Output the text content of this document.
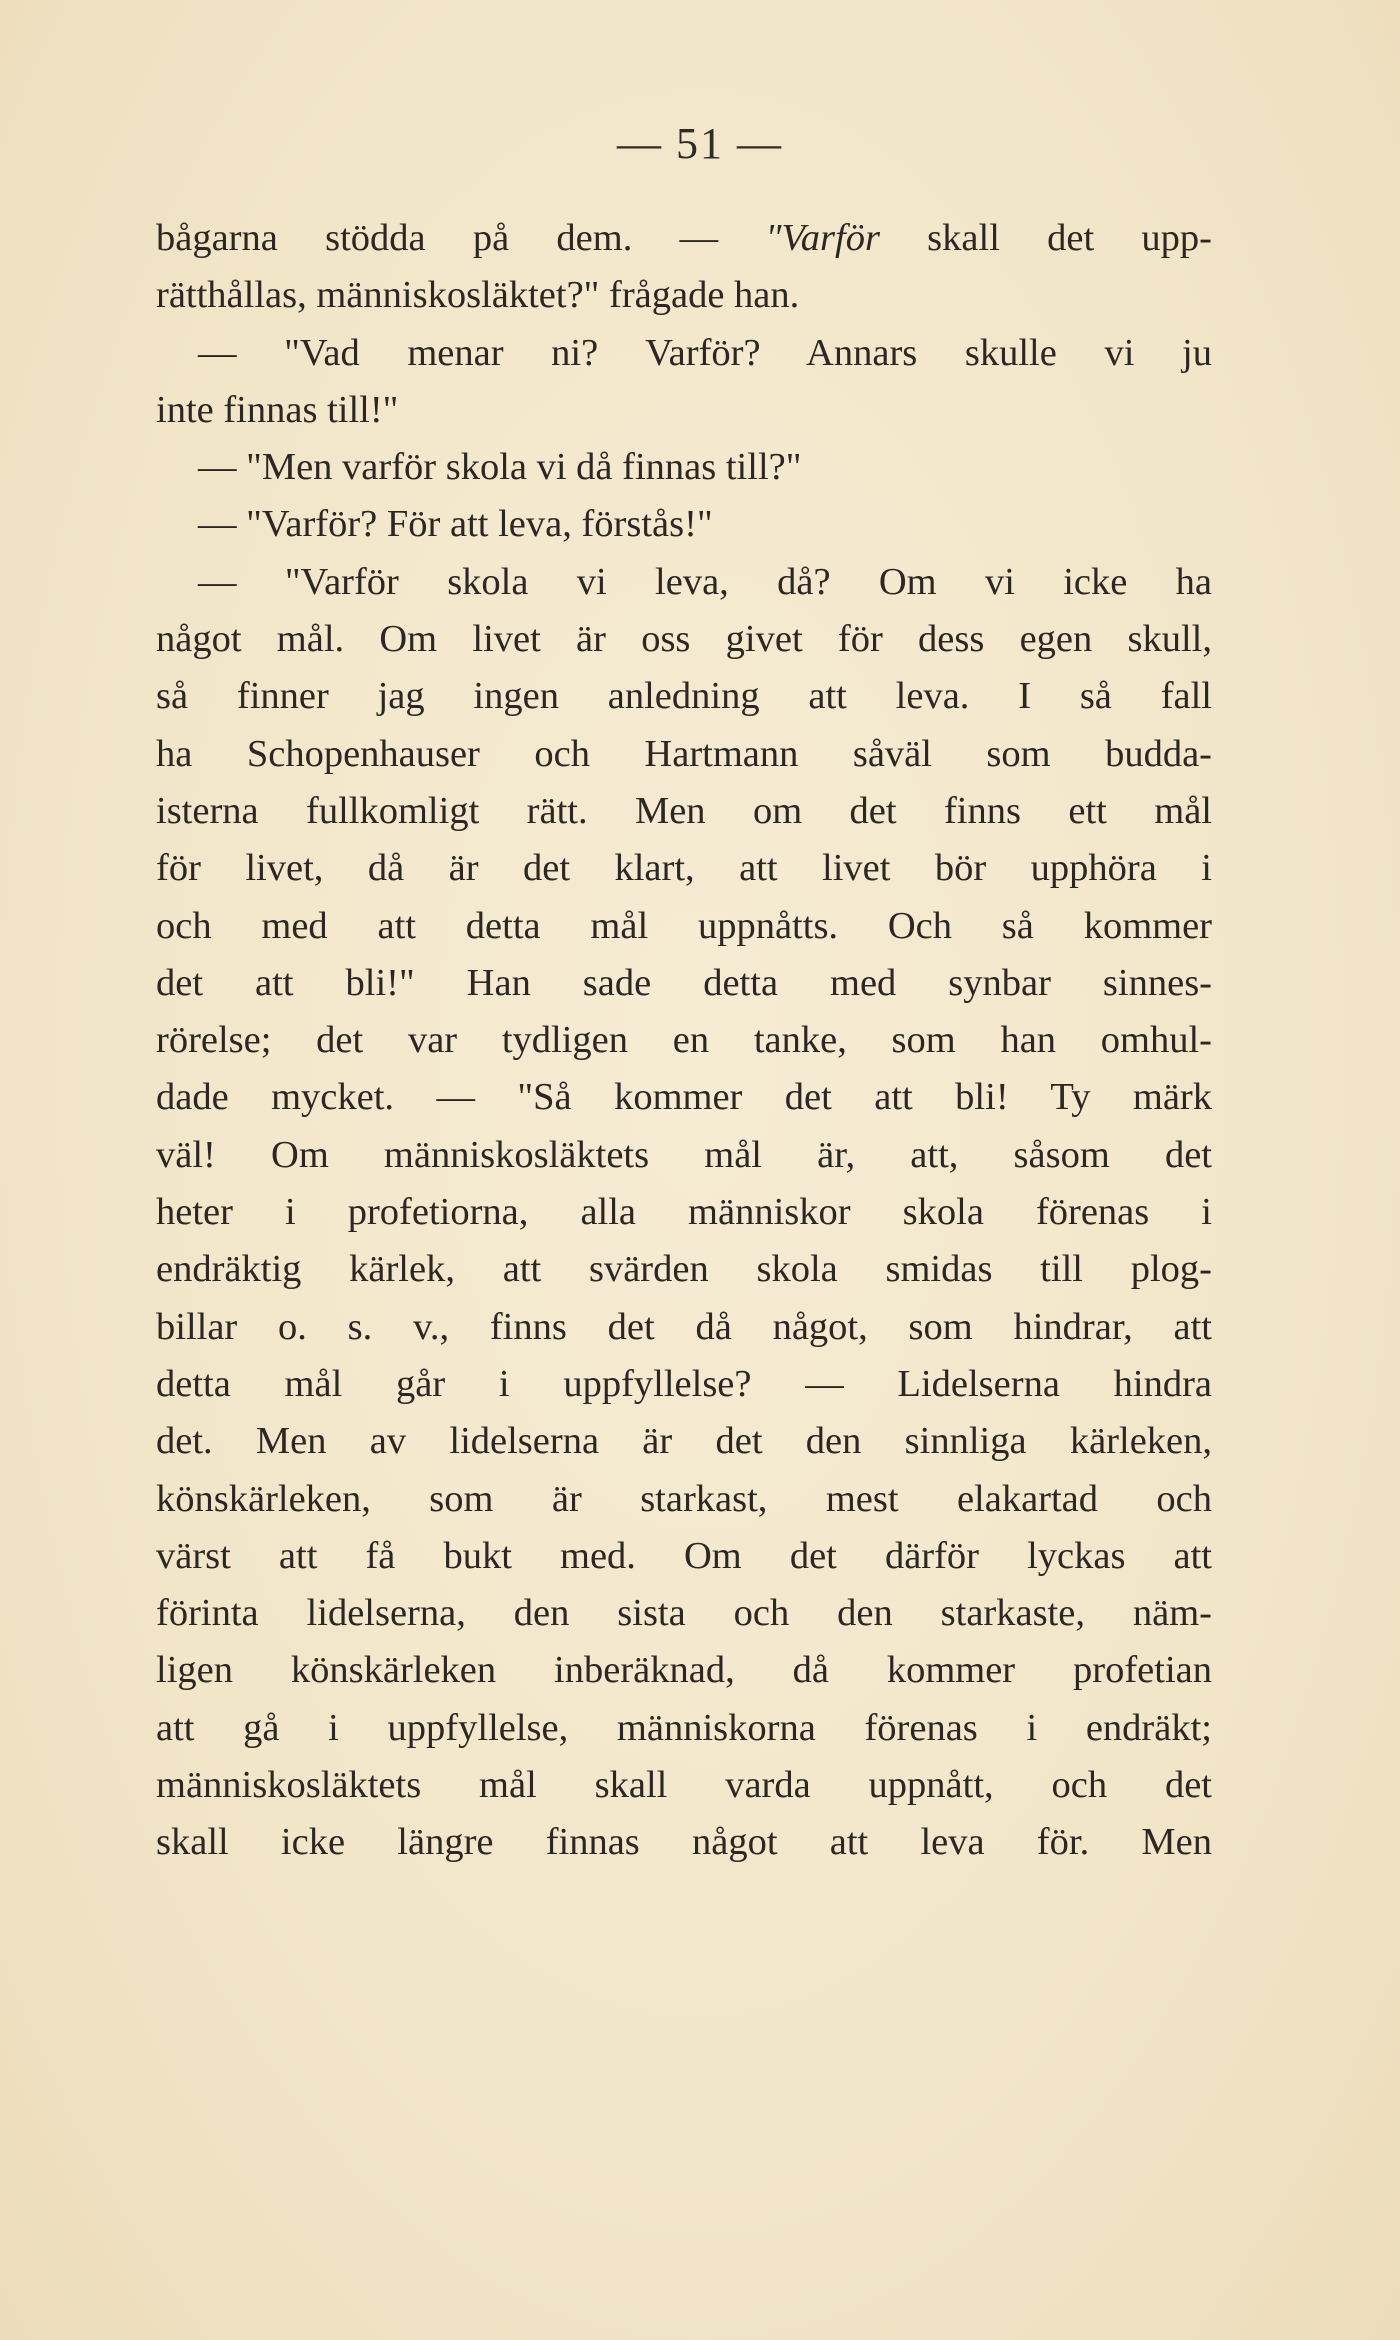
— 51 —
bågarna stödda på dem. — "Varför skall det upp-
rätthållas, människosläktet?" frågade han.
— "Vad menar ni? Varför? Annars skulle vi ju
inte finnas till!"
— "Men varför skola vi då finnas till?"
— "Varför? För att leva, förstås!"
— "Varför skola vi leva, då? Om vi icke ha
något mål. Om livet är oss givet för dess egen skull,
så finner jag ingen anledning att leva. I så fall
ha Schopenhauser och Hartmann såväl som budda-
isterna fullkomligt rätt. Men om det finns ett mål
för livet, då är det klart, att livet bör upphöra i
och med att detta mål uppnåtts. Och så kommer
det att bli!" Han sade detta med synbar sinnes-
rörelse; det var tydligen en tanke, som han omhul-
dade mycket. — "Så kommer det att bli! Ty märk
väl! Om människosläktets mål är, att, såsom det
heter i profetiorna, alla människor skola förenas i
endräktig kärlek, att svärden skola smidas till plog-
billar o. s. v., finns det då något, som hindrar, att
detta mål går i uppfyllelse? — Lidelserna hindra
det. Men av lidelserna är det den sinnliga kärleken,
könskärleken, som är starkast, mest elakartad och
värst att få bukt med. Om det därför lyckas att
förinta lidelserna, den sista och den starkaste, näm-
ligen könskärleken inberäknad, då kommer profetian
att gå i uppfyllelse, människorna förenas i endräkt;
människosläktets mål skall varda uppnått, och det
skall icke längre finnas något att leva för. Men
